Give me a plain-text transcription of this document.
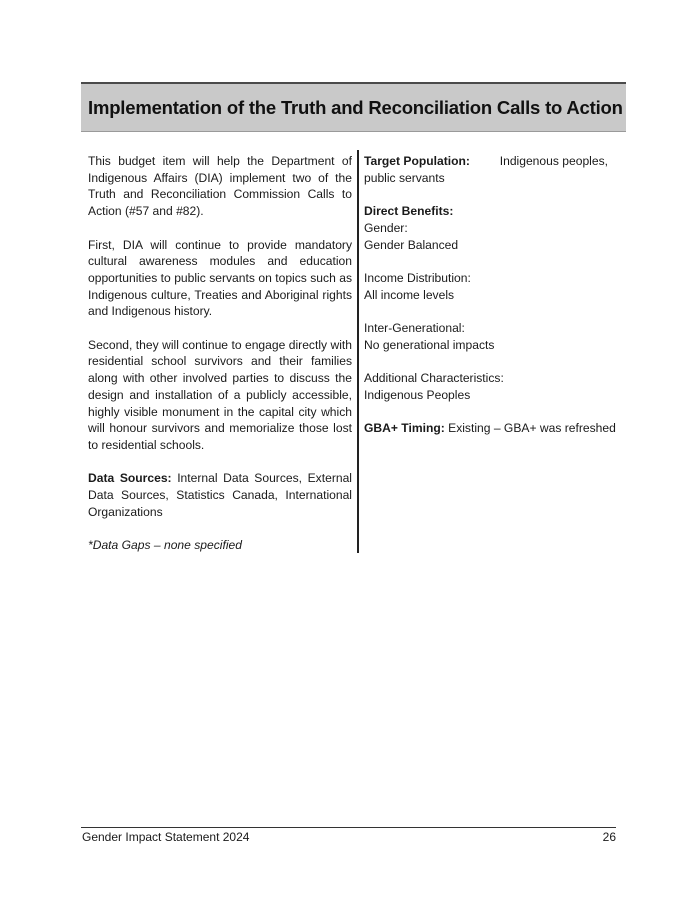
Implementation of the Truth and Reconciliation Calls to Action

This budget item will help the Department of Indigenous Affairs (DIA) implement two of the Truth and Reconciliation Commission Calls to Action (#57 and #82).

First, DIA will continue to provide mandatory cultural awareness modules and education opportunities to public servants on topics such as Indigenous culture, Treaties and Aboriginal rights and Indigenous history.

Second, they will continue to engage directly with residential school survivors and their families along with other involved parties to discuss the design and installation of a publicly accessible, highly visible monument in the capital city which will honour survivors and memorialize those lost to residential schools.

Data Sources: Internal Data Sources, External Data Sources, Statistics Canada, International Organizations

*Data Gaps – none specified

Target Population: Indigenous peoples,
public servants
Direct Benefits:
Gender:
Gender Balanced
Income Distribution:
All income levels
Inter-Generational:
No generational impacts
Additional Characteristics:
Indigenous Peoples
GBA+ Timing: Existing – GBA+ was refreshed
Gender Impact Statement 2024	26
